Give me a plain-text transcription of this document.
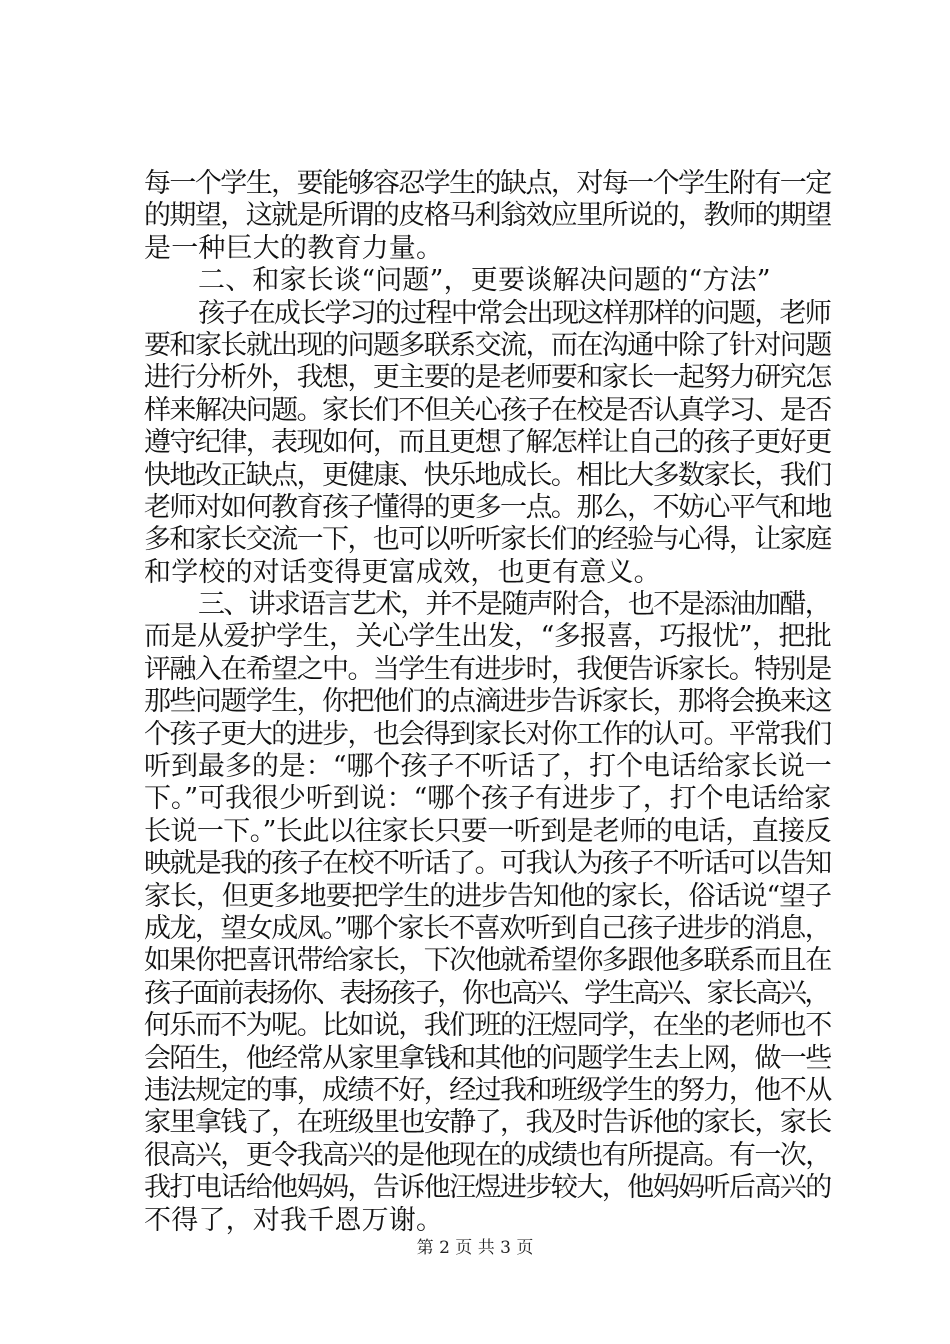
每一个学生，要能够容忍学生的缺点，对每一个学生附有一定
的期望，这就是所谓的皮格马利翁效应里所说的，教师的期望
是一种巨大的教育力量。
二、和家长谈“问题”，更要谈解决问题的“方法”
孩子在成长学习的过程中常会出现这样那样的问题，老师
要和家长就出现的问题多联系交流，而在沟通中除了针对问题
进行分析外，我想，更主要的是老师要和家长一起努力研究怎
样来解决问题。家长们不但关心孩子在校是否认真学习、是否
遵守纪律，表现如何，而且更想了解怎样让自己的孩子更好更
快地改正缺点，更健康、快乐地成长。相比大多数家长，我们
老师对如何教育孩子懂得的更多一点。那么，不妨心平气和地
多和家长交流一下，也可以听听家长们的经验与心得，让家庭
和学校的对话变得更富成效，也更有意义。
三、讲求语言艺术，并不是随声附合，也不是添油加醋，
而是从爱护学生，关心学生出发，“多报喜，巧报忧”，把批
评融入在希望之中。当学生有进步时，我便告诉家长。特别是
那些问题学生，你把他们的点滴进步告诉家长，那将会换来这
个孩子更大的进步，也会得到家长对你工作的认可。平常我们
听到最多的是：“哪个孩子不听话了，打个电话给家长说一
下。”可我很少听到说：“哪个孩子有进步了，打个电话给家
长说一下。”长此以往家长只要一听到是老师的电话，直接反
映就是我的孩子在校不听话了。可我认为孩子不听话可以告知
家长，但更多地要把学生的进步告知他的家长，俗话说“望子
成龙，望女成凤。”哪个家长不喜欢听到自己孩子进步的消息，
如果你把喜讯带给家长，下次他就希望你多跟他多联系而且在
孩子面前表扬你、表扬孩子，你也高兴、学生高兴、家长高兴，
何乐而不为呢。比如说，我们班的汪煜同学，在坐的老师也不
会陌生，他经常从家里拿钱和其他的问题学生去上网，做一些
违法规定的事，成绩不好，经过我和班级学生的努力，他不从
家里拿钱了，在班级里也安静了，我及时告诉他的家长，家长
很高兴，更令我高兴的是他现在的成绩也有所提高。有一次，
我打电话给他妈妈，告诉他汪煜进步较大，他妈妈听后高兴的
不得了，对我千恩万谢。
第 2 页 共 3 页
